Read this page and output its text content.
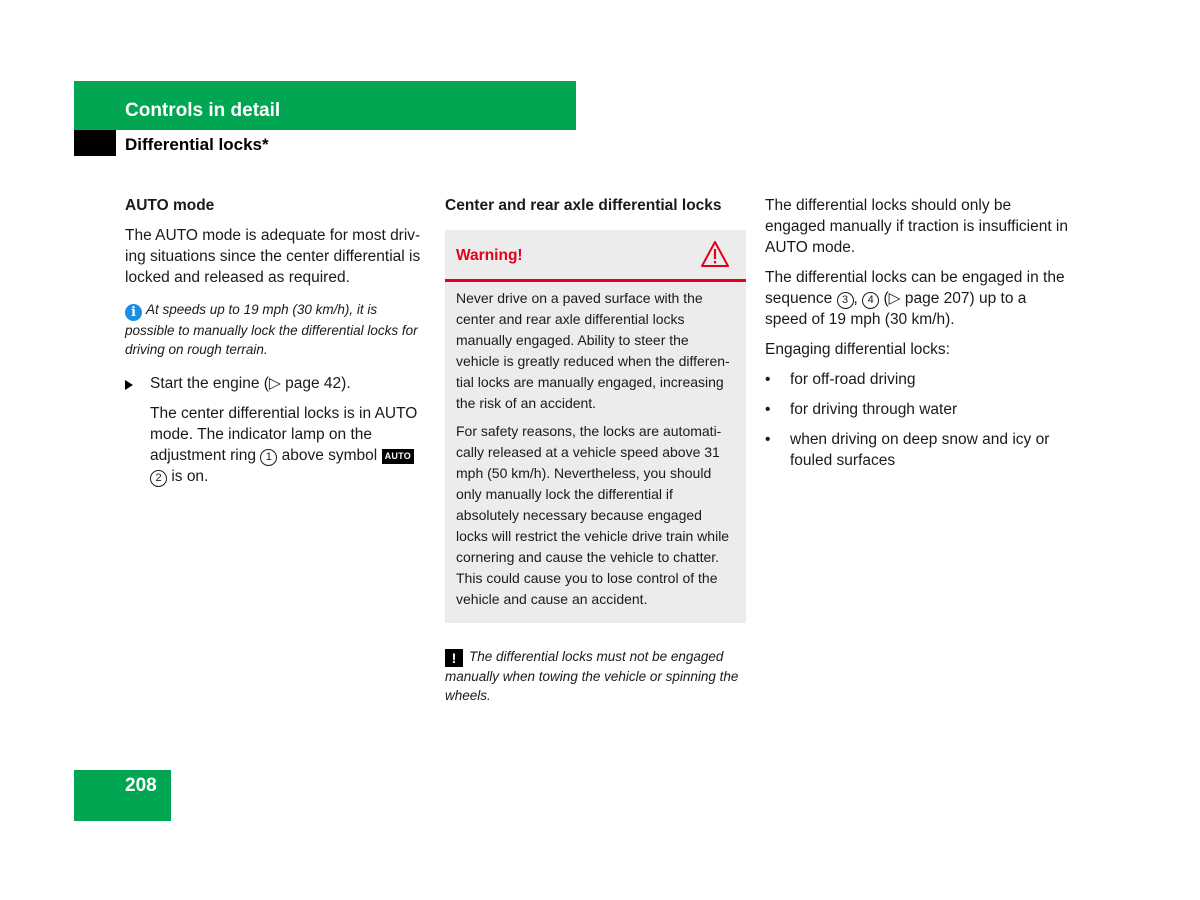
Controls in detail
Differential locks*
AUTO mode

The AUTO mode is adequate for most driv-ing situations since the center differential is locked and released as required.

i At speeds up to 19 mph (30 km/h), it is possible to manually lock the differential locks for driving on rough terrain.
Start the engine (▷ page 42).

The center differential locks is in AUTO mode. The indicator lamp on the adjustment ring 1 above symbol AUTO 2 is on.

Center and rear axle differential locks
Warning!

Never drive on a paved surface with the center and rear axle differential locks manually engaged. Ability to steer the vehicle is greatly reduced when the differen-tial locks are manually engaged, increasing the risk of an accident.

For safety reasons, the locks are automati-cally released at a vehicle speed above 31 mph (50 km/h). Nevertheless, you should only manually lock the differential if absolutely necessary because engaged locks will restrict the vehicle drive train while cornering and cause the vehicle to chatter. This could cause you to lose control of the vehicle and cause an accident.

! The differential locks must not be engaged manually when towing the vehicle or spinning the wheels.

The differential locks should only be engaged manually if traction is insufficient in AUTO mode.

The differential locks can be engaged in the sequence 3 , 4 (▷ page 207) up to a speed of 19 mph (30 km/h).

Engaging differential locks:

• for off-road driving
• for driving through water
• when driving on deep snow and icy or fouled surfaces
208
